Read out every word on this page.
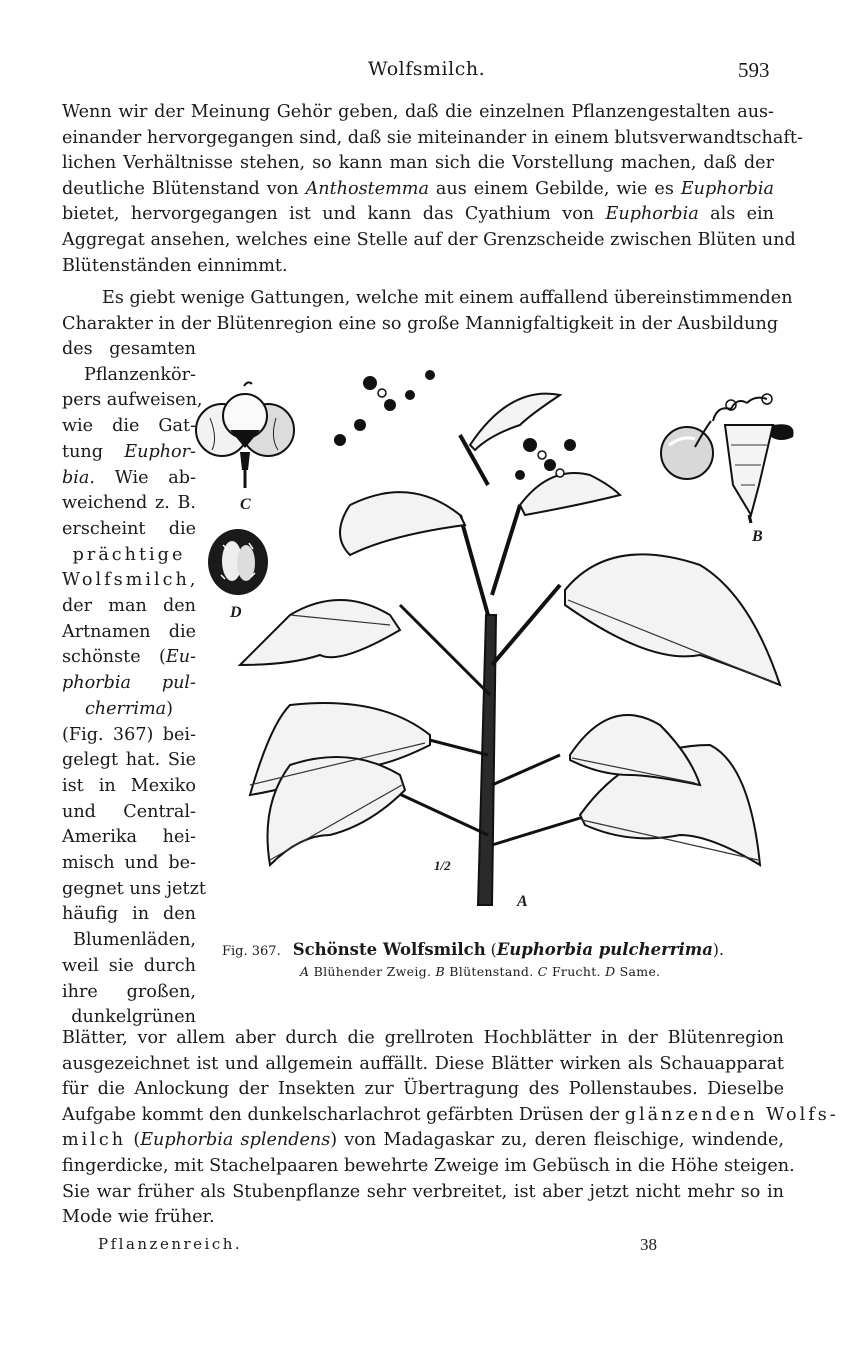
Wolfsmilch.	593
Wenn wir der Meinung Gehör geben, daß die einzelnen Pflanzengestalten aus-
einander hervorgegangen sind, daß sie miteinander in einem blutsverwandtschaft-
lichen Verhältnisse stehen, so kann man sich die Vorstellung machen, daß der
deutliche Blütenstand von Anthostemma aus einem Gebilde, wie es Euphorbia
bietet, hervorgegangen ist und kann das Cyathium von Euphorbia als ein
Aggregat ansehen, welches eine Stelle auf der Grenzscheide zwischen Blüten und
Blütenständen einnimmt.
Es giebt wenige Gattungen, welche mit einem auffallend übereinstimmenden
Charakter in der Blütenregion eine so große Mannigfaltigkeit in der Ausbildung
des gesamten
Pflanzenkör-
pers aufweisen,
wie die Gat-
tung Euphor-
bia. Wie ab-
weichend z. B.
erscheint die
prächtige
Wolfsmilch,
der man den
Artnamen die
schönste (Eu-
phorbia pul-
cherrima)
(Fig. 367) bei-
gelegt hat. Sie
ist in Mexiko
und Central-
Amerika hei-
misch und be-
gegnet uns jetzt
häufig in den
Blumenläden,
weil sie durch
ihre großen,
dunkelgrünen
C
D
B
A
1/2
Fig. 367. Schönste Wolfsmilch (Euphorbia pulcherrima).
A Blühender Zweig. B Blütenstand. C Frucht. D Same.
Blätter, vor allem aber durch die grellroten Hochblätter in der Blütenregion
ausgezeichnet ist und allgemein auffällt. Diese Blätter wirken als Schauapparat
für die Anlockung der Insekten zur Übertragung des Pollenstaubes. Dieselbe
Aufgabe kommt den dunkelscharlachrot gefärbten Drüsen der glänzenden Wolfs-
milch (Euphorbia splendens) von Madagaskar zu, deren fleischige, windende,
fingerdicke, mit Stachelpaaren bewehrte Zweige im Gebüsch in die Höhe steigen.
Sie war früher als Stubenpflanze sehr verbreitet, ist aber jetzt nicht mehr so in
Mode wie früher.
Pflanzenreich.	38
